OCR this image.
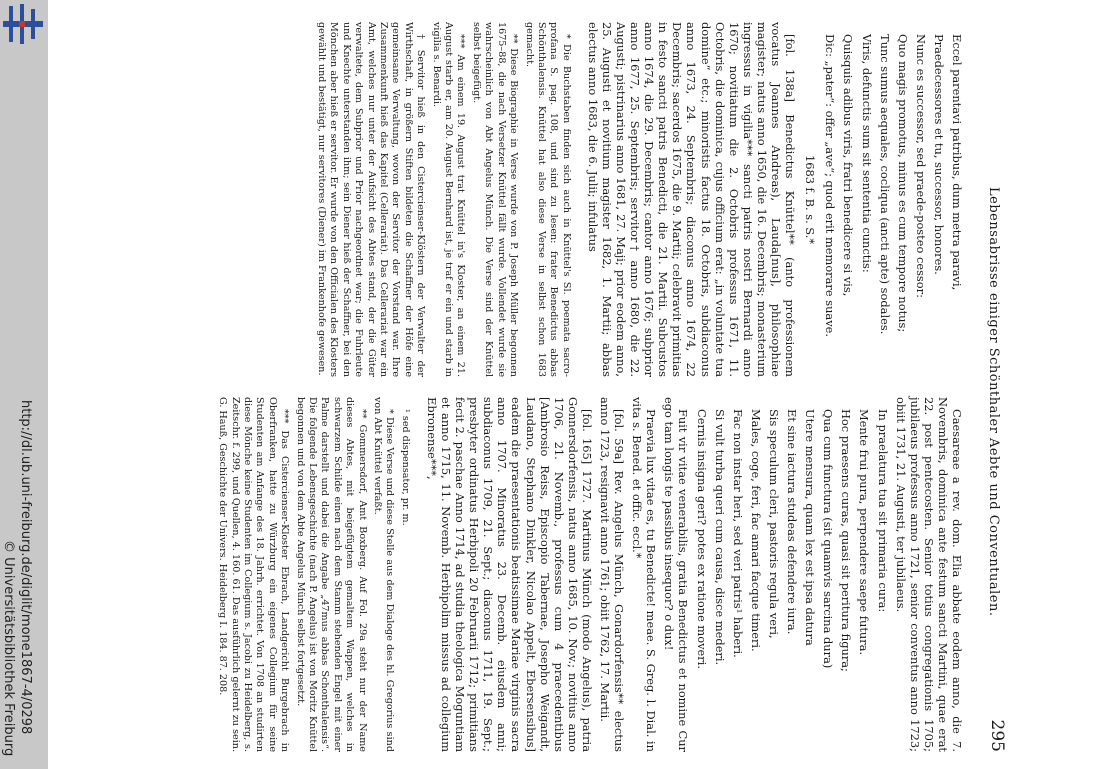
http://dl.ub.uni-freiburg.de/diglit/mone1867-4/0298
© Universitätsbibliothek Freiburg
Lebensabrisse einiger Schönthaler Aebte und Conventualen.
295

Eccel parentavi patribus, dum metra paravi,

Praedecessores et tu, successor, honores.

Nunc es successor, sed praede-posteo cessor:

Quo magis promotus, minus es cum tempore notus;

Tunc sumus aequales, cocliqua (ancti apte) sodales.

Viris, defunctis sum sit sententia cunctis:

Quisquis adibus viris, fratri benedicere si vis,

Dic: „pater“: offer „ave“; quod erit memorare suave.

1683 f. B. s. S.*

[fol. 138a] Benedictus Knüttel** (anto professionem vocatus Joannes Andreas), Lauda[nus], philosophiae magister; natus anno 1650, die 16. Decembris; monasterium ingressus in vigilia*** sancti patris nostri Bernardi anno 1670; novitiatum die 2. Octobris professus 1671, 11. Octobris, die dominica, cujus officium erat: „in voluntate tua domine“ etc.; minoristis factus 18. Octobris, subdiaconus anno 1673, 24. Septembris; diaconus anno 1674, 22 Decembris; sacerdos 1675, die 9. Martii; celebravit primitias in festo sancti patris Benedicti, die 21. Martii. Subcustos anno 1674, die 29. Decembris; cantor anno 1676; subprior anno 1677, 25. Septembris; servitor† anno 1680, die 22. Augusti; pistrinarius anno 1681, 27. Maji; prior eodem anno, 25. Augusti et novitium magister 1682, 1. Martii; abbas electus anno 1683, die 6. Julii; infulatus

* Die Buchstaben finden sich auch in Knüttel's Sl. poemata sacro-profana S. pag. 108, und sind zu lesen: frater Benedictus abbas Schönthalensis. Knüttel hat also diese Verse in selbst schon 1683 gemacht.

** Diese Biographie in Verse wurde von P. Joseph Müller begonnen 1675–88, die nach Versetzer Knüttel fällt wurde. Vollendet wurde sie wahrscheinlich von Abt Angelus Münch. Die Verse sind der Knüttel selbst beigefügt.

*** Am einem 19. August trat Knüttel in's Kloster, an einem 21. August starb er, am 20. August Bernhard ist, je traf er ein und starb in vigilia s. Benardi.

† Servitor hieß in den Cistercienser-Klöstern der Verwalter der Wirthschaft, in größern Stiften bildeten die Schaffner der Höfe eine gemeinsame Verwaltung, wovon der Servitor der Vorstand war. Ihre Zusammenkunft hieß das Kapitel (Cellerariat). Das Cellerariat war ein Amt, welches nur unter der Aufsicht des Abtes stand, der die Güter verwaltete, dem Subprior und Prior nachgeordnet war; die Fuhrleute und Knechte unterstanden ihm; sein Diener hieß der Schaffner, bei den Mönchen aber hieß er servitor. Er wurde von den Officialen des Klosters gewählt und bestätigt, nur servitores (Diener) im Frankenhofe gewesen.

Caesareae a rev. dom. Elia abbate eodem anno, die 7. Novembris, dominica ante festum sancti Martini, quae erat 22. post pentecosten. Senior totius congregationis 1705; jubilaeus professus anno 1721, senior conventus anno 1723; obiit 1731, 21. Augusti, ter jubilaeus.

In praelatura tua sit primaria cura:

Mente frui pura, perpendere saepe futura.

Hoc praesens curas, quasi sit peritura figura;

Qua cum functura (sit quamvis sarcina dura)

Utere mensura, quam lex est ipsa datura

Et sine iactura studeas defendere iura.

Sis speculum cleri, pastoris regula veri,

Males, coge, feri, fac amari facque timeri.

Fac non instar heri, sed veri patris¹ haberi.

Si vult turba queri cum causa, disce mederi.

Cernis insigna geri? potes ex ratione moveri.

Fuit vir vitae venerabilis, gratia Benedictus et nomine Cur ego tam longis te passibus insequor? o dux!

Praevia lux vitae es, tu Benedicte! meae. S. Greg. l. Dial. in vita s. Bened. et offic. eccl.*

[fol. 59a] Rev. Angelus Münch, Gonardorfensis** electus anno 1723, resignavit anno 1761; obiit 1762, 17. Martii.

[fol. 165] 1727. Martinus Münch (modo Angelus), patria Gonnersdorfensis, natus anno 1685, 10. Nov.; novitius anno 1706, 21. Novemb., professus cum 4 praecedentibus [Ambrosio Reiss, Episcopio Tabernae, Josepho Weigandt, Laudano, Stephano Dinkler, Nicolao Appelt, Ebersensibus] eadem die praesentationis beatissimae Mariae virginis sacra anno 1707. Minoratus 23. Decemb. eiusdem anni; subdiaconus 1709, 21. Sept.; diaconus 1711, 19. Sept.; presbyter ordinatus Herbipoli 20 Februarii 1712; primitians fecit 2. paschae Anno 1714, ad studia theologica Moguntiam et anno 1715, 11. Novemb. Herbipolim missus ad collegium Ebronense***,

¹ sed dispensator, pr. m.

* Diese Verse und diese Stelle aus dem Dialoge des hl. Gregorius sind von Abt Knüttel verfaßt.

** Gommersdorf, Amt Boxberg. Auf Fol. 29a steht nur der Name dieses Abtes, mit beigefügtem gemaltem Wappen, welches in schwarzem Schilde einen nach dem Stamm stehenden Engel mit einer Palme darstellt und dabei die Angabe „47mus abbas Schonthalensis“. Die folgende Lebensgeschichte (nach P. Angelus) ist von Moritz Knüttel begonnen und von dem Abte Angelus Münch selbst fortgesetzt.

*** Das Cistercienser-Kloster Ebrach, Landgericht Burgebrach in Oberfranken, hatte zu Würzburg ein eigenes Collegium für seine Studenten am Anfange des 18. Jahrh. errichtet. Von 1708 an studirten diese Mönche keine Studenten im Collegium s. Jacobi zu Heidelberg, s. Zeitschr. f. 299, und Quellen, 4. 160. 61. Das ausführlich gelernt zu sein. G. Hauß, Geschichte der Univers. Heidelberg I. 184. 87. 208.
